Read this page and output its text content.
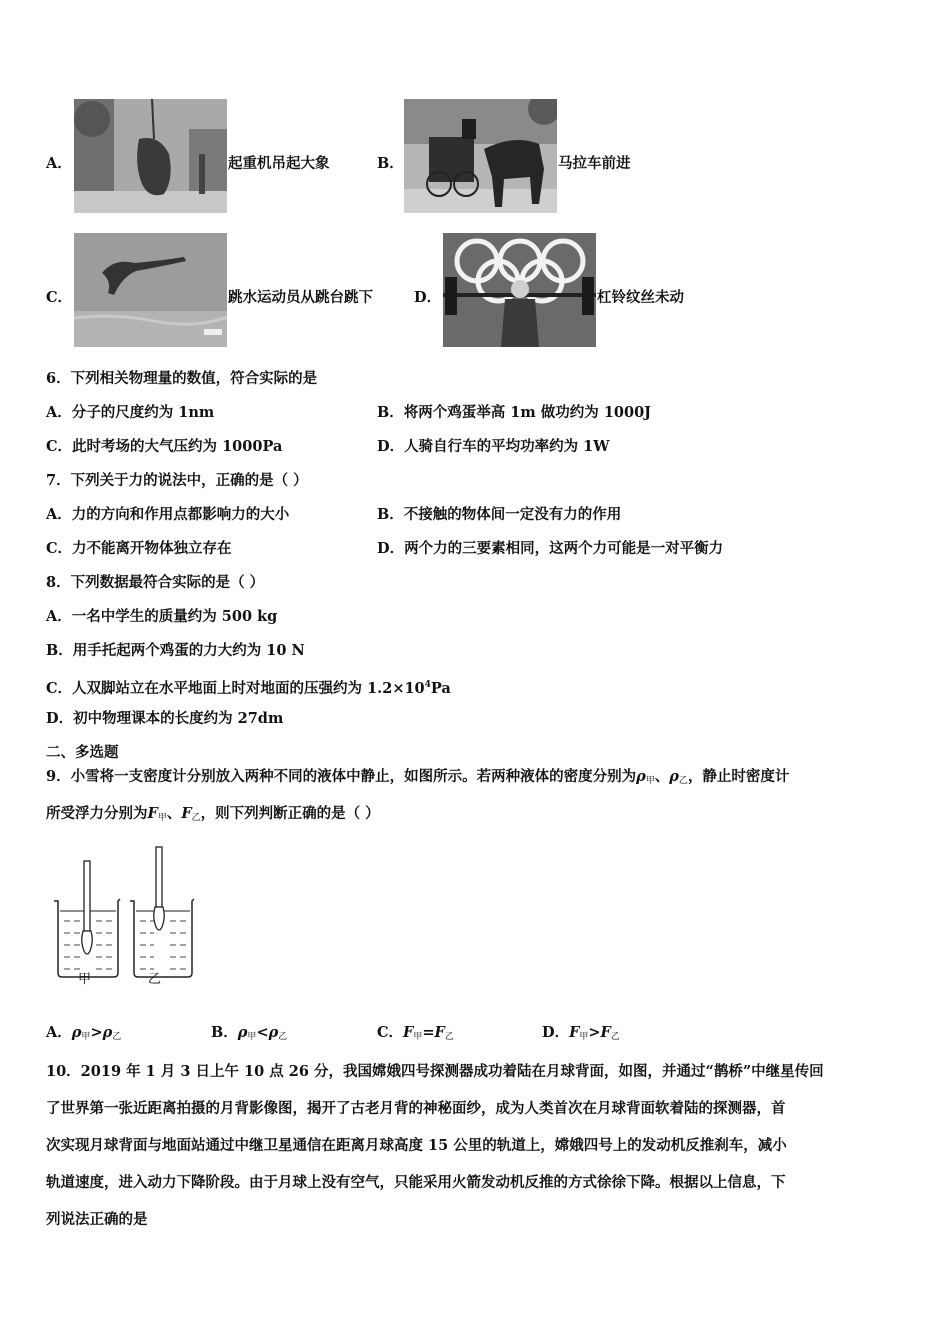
A．	起重机吊起大象	B．	马拉车前进
C．	跳水运动员从跳台跳下	D．	杠铃纹丝未动
6．下列相关物理量的数值，符合实际的是
A．分子的尺度约为 1nm	B．将两个鸡蛋举高 1m 做功约为 1000J
C．此时考场的大气压约为 1000Pa	D．人骑自行车的平均功率约为 1W
7．下列关于力的说法中，正确的是（ ）
A．力的方向和作用点都影响力的大小	B．不接触的物体间一定没有力的作用
C．力不能离开物体独立存在	D．两个力的三要素相同，这两个力可能是一对平衡力
8．下列数据最符合实际的是（ ）
A．一名中学生的质量约为 500 kg
B．用手托起两个鸡蛋的力大约为 10 N
C．人双脚站立在水平地面上时对地面的压强约为 $1.2\times 10^4Pa$
D．初中物理课本的长度约为 27dm
二、多选题
9．小雪将一支密度计分别放入两种不同的液体中静止，如图所示。若两种液体的密度分别为$\rho_甲$、$\rho_乙$，静止时密度计
所受浮力分别为$F_甲$、$F_乙$，则下列判断正确的是（ ）
甲	乙
A．$\rho_甲>\rho_乙$	B．$\rho_甲<\rho_乙$	C．$F_甲=F_乙$	D．$F_甲>F_乙$
10．2019 年 1 月 3 日上午 10 点 26 分，我国嫦娥四号探测器成功着陆在月球背面，如图，并通过“鹊桥”中继星传回
了世界第一张近距离拍摄的月背影像图，揭开了古老月背的神秘面纱，成为人类首次在月球背面软着陆的探测器，首
次实现月球背面与地面站通过中继卫星通信在距离月球高度 15 公里的轨道上，嫦娥四号上的发动机反推刹车，减小
轨道速度，进入动力下降阶段。由于月球上没有空气，只能采用火箭发动机反推的方式徐徐下降。根据以上信息，下
列说法正确的是
